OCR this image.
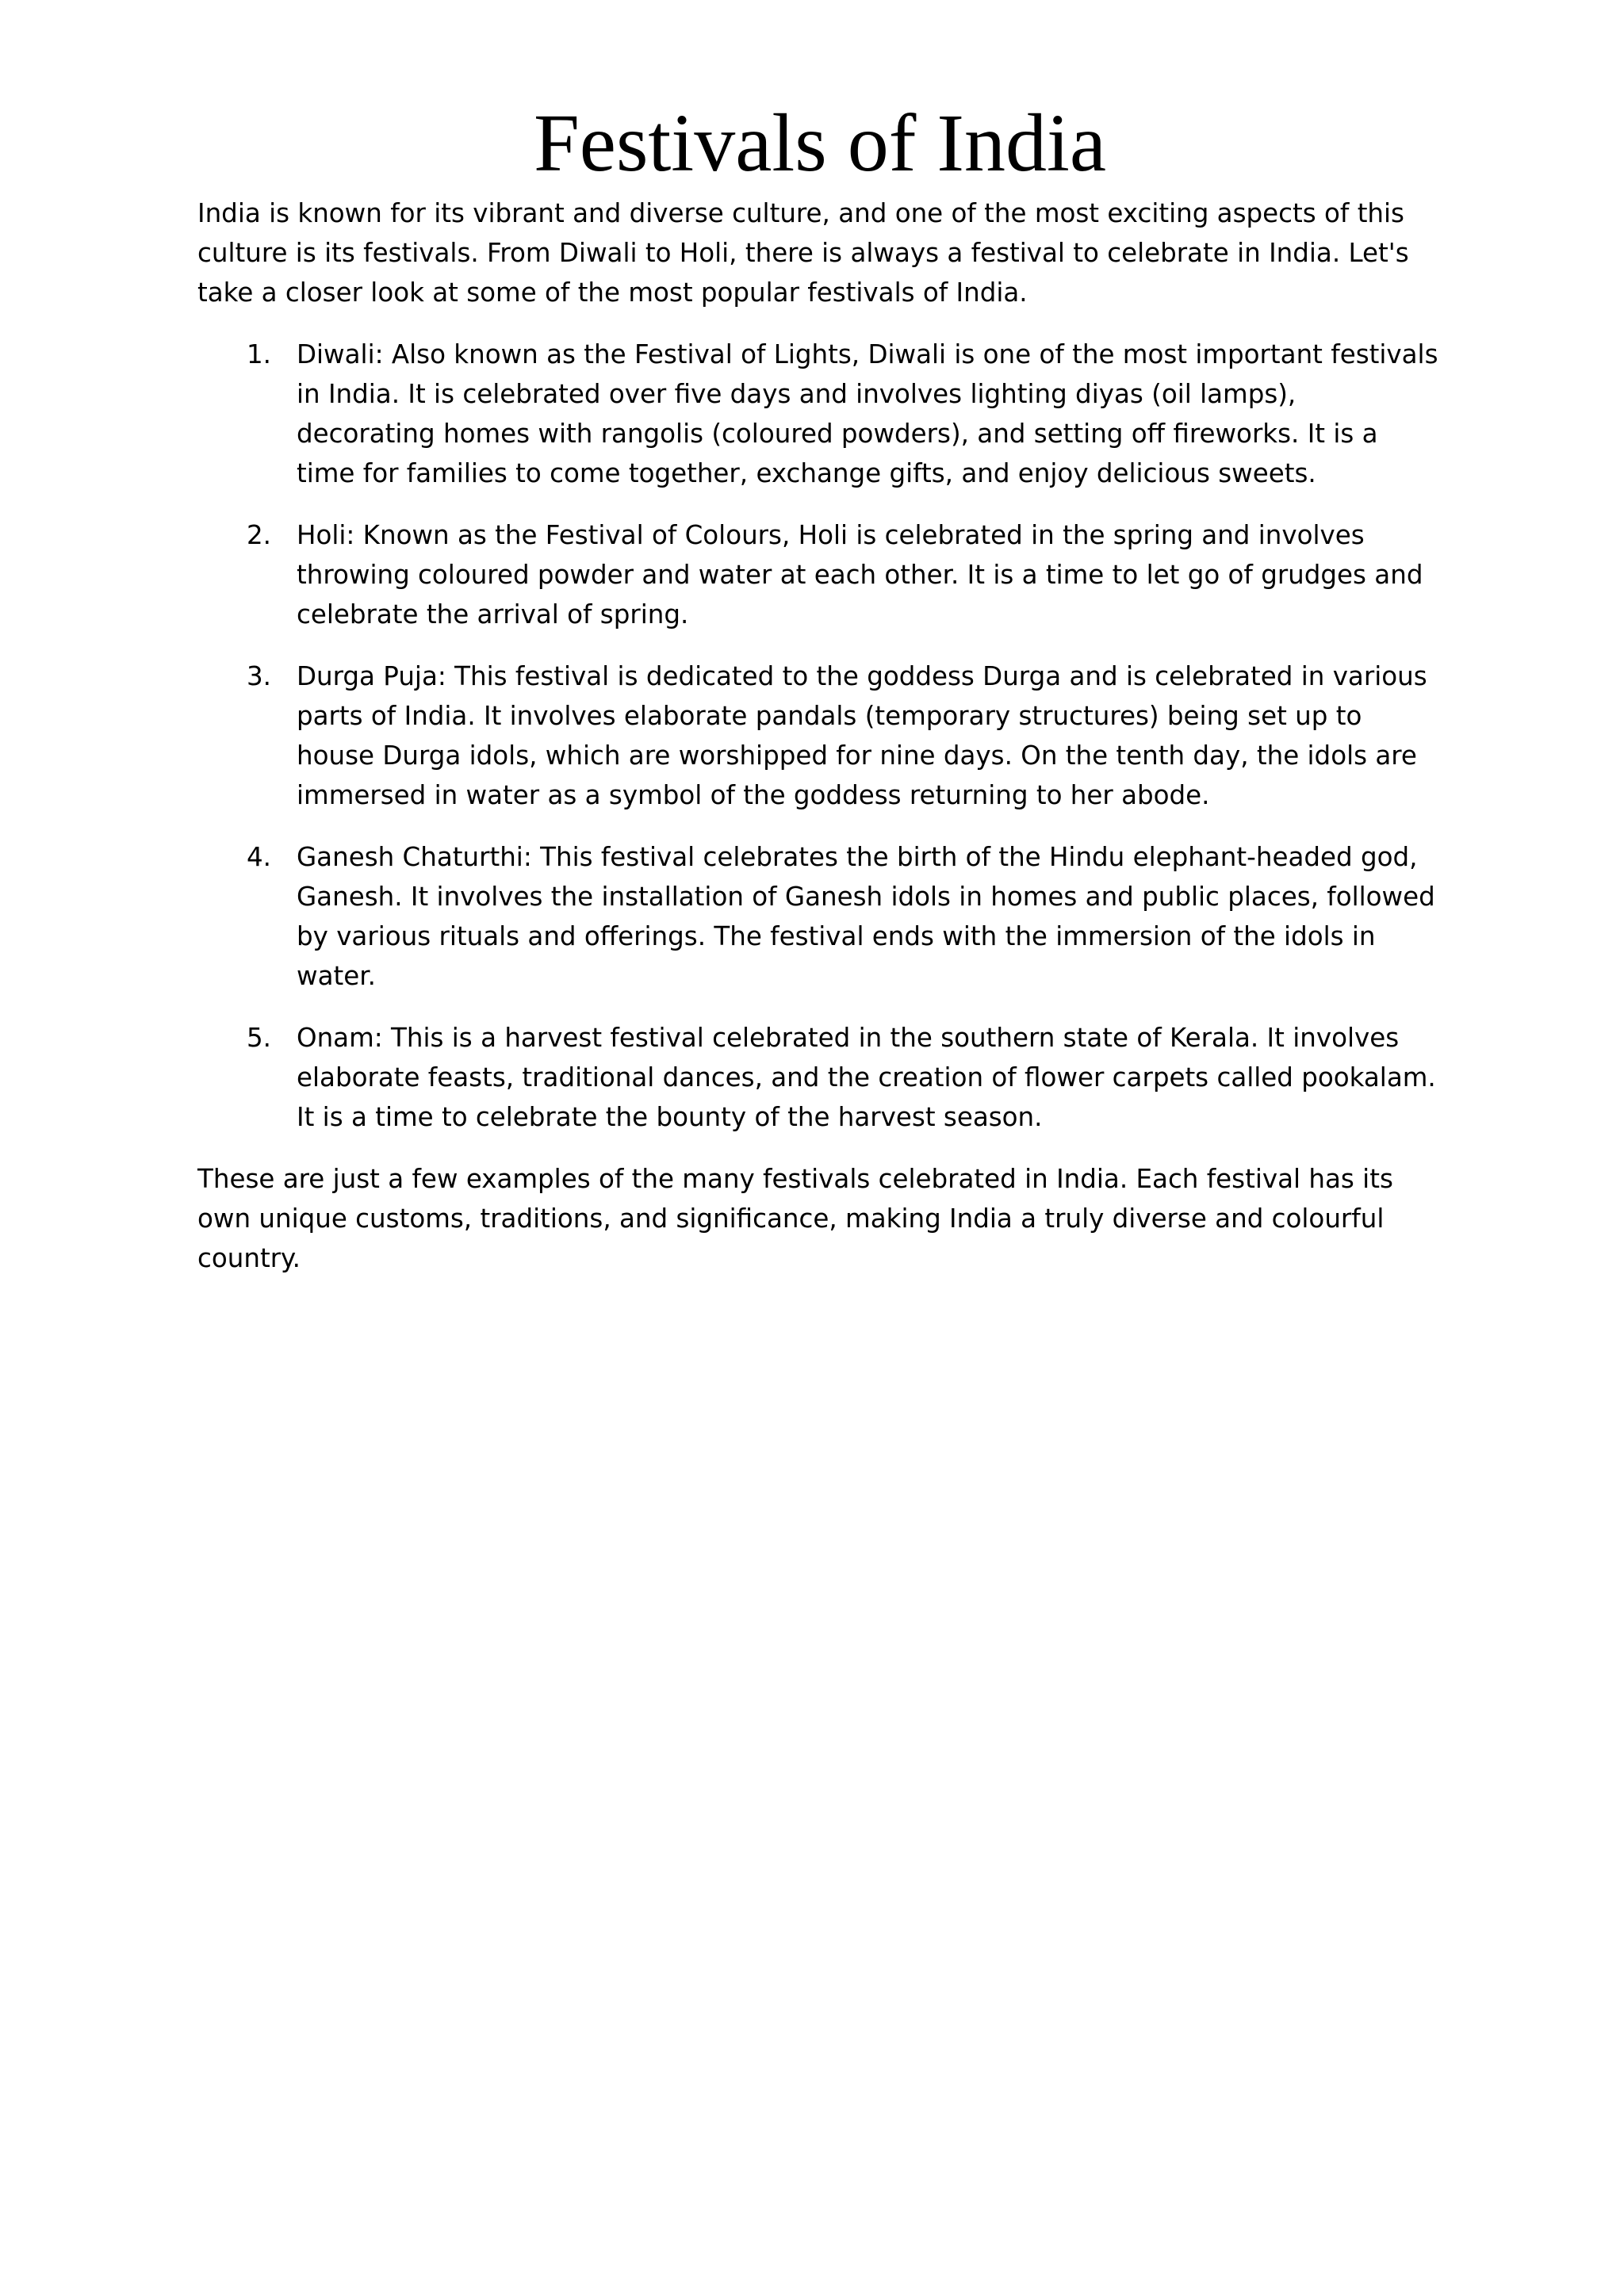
Festivals of India

India is known for its vibrant and diverse culture, and one of the most exciting aspects of this culture is its festivals. From Diwali to Holi, there is always a festival to celebrate in India. Let's take a closer look at some of the most popular festivals of India.

1. Diwali: Also known as the Festival of Lights, Diwali is one of the most important festivals in India. It is celebrated over five days and involves lighting diyas (oil lamps), decorating homes with rangolis (coloured powders), and setting off fireworks. It is a time for families to come together, exchange gifts, and enjoy delicious sweets.
2. Holi: Known as the Festival of Colours, Holi is celebrated in the spring and involves throwing coloured powder and water at each other. It is a time to let go of grudges and celebrate the arrival of spring.
3. Durga Puja: This festival is dedicated to the goddess Durga and is celebrated in various parts of India. It involves elaborate pandals (temporary structures) being set up to house Durga idols, which are worshipped for nine days. On the tenth day, the idols are immersed in water as a symbol of the goddess returning to her abode.
4. Ganesh Chaturthi: This festival celebrates the birth of the Hindu elephant-headed god, Ganesh. It involves the installation of Ganesh idols in homes and public places, followed by various rituals and offerings. The festival ends with the immersion of the idols in water.
5. Onam: This is a harvest festival celebrated in the southern state of Kerala. It involves elaborate feasts, traditional dances, and the creation of flower carpets called pookalam. It is a time to celebrate the bounty of the harvest season.

These are just a few examples of the many festivals celebrated in India. Each festival has its own unique customs, traditions, and significance, making India a truly diverse and colourful country.
